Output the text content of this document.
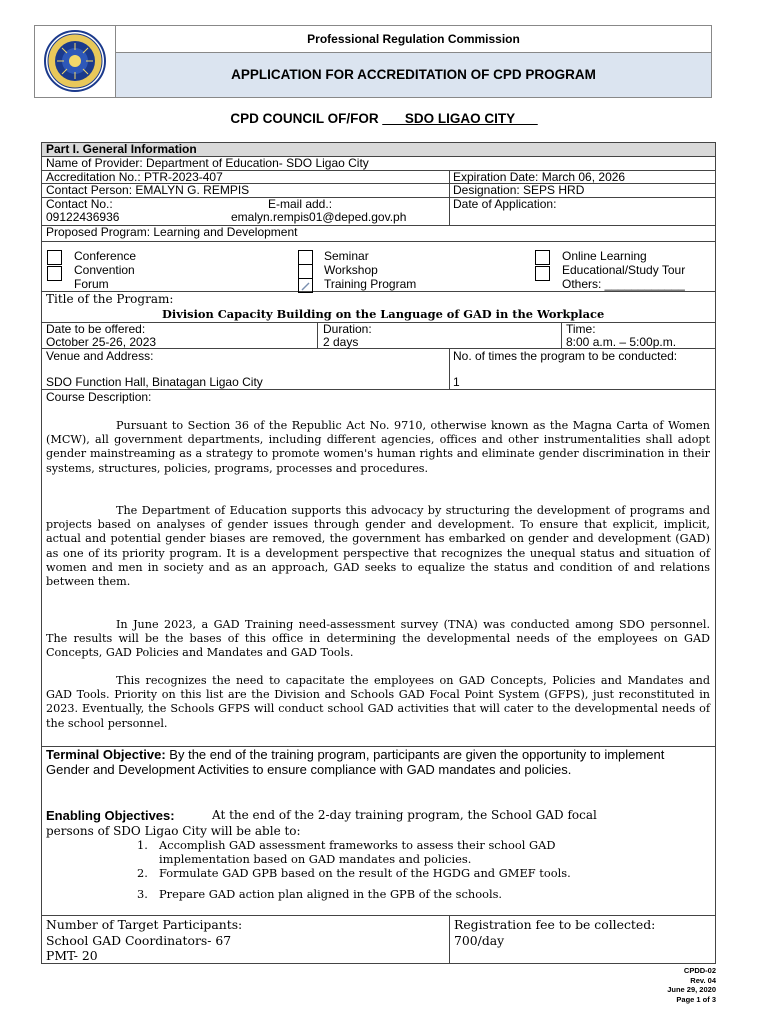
Professional Regulation Commission
APPLICATION FOR ACCREDITATION OF CPD PROGRAM
CPD COUNCIL OF/FOR ___SDO LIGAO CITY___
Part I. General Information
Name of Provider: Department of Education- SDO Ligao City
Accreditation No.: PTR-2023-407	Expiration Date: March 06, 2026
Contact Person: EMALYN G. REMPIS	Designation: SEPS HRD
Contact No.:	E-mail add.:	Date of Application:
09122436936	emalyn.rempis01@deped.gov.ph
Proposed Program: Learning and Development
Conference
Convention
Forum
Seminar
Workshop
Training Program
Online Learning
Educational/Study Tour
Others: ____________
Title of the Program:
Division Capacity Building on the Language of GAD in the Workplace
Date to be offered:
October 25-26, 2023
Duration:
2 days
Time:
8:00 a.m. – 5:00p.m.
Venue and Address:
SDO Function Hall, Binatagan Ligao City
No. of times the program to be conducted:
1
Course Description:

Pursuant to Section 36 of the Republic Act No. 9710, otherwise known as the Magna Carta of Women (MCW), all government departments, including different agencies, offices and other instrumentalities shall adopt gender mainstreaming as a strategy to promote women's human rights and eliminate gender discrimination in their systems, structures, policies, programs, processes and procedures.

The Department of Education supports this advocacy by structuring the development of programs and projects based on analyses of gender issues through gender and development. To ensure that explicit, implicit, actual and potential gender biases are removed, the government has embarked on gender and development (GAD) as one of its priority program. It is a development perspective that recognizes the unequal status and situation of women and men in society and as an approach, GAD seeks to equalize the status and condition of and relations between them.

In June 2023, a GAD Training need-assessment survey (TNA) was conducted among SDO personnel. The results will be the bases of this office in determining the developmental needs of the employees on GAD Concepts, GAD Policies and Mandates and GAD Tools.

This recognizes the need to capacitate the employees on GAD Concepts, Policies and Mandates and GAD Tools. Priority on this list are the Division and Schools GAD Focal Point System (GFPS), just reconstituted in 2023. Eventually, the Schools GFPS will conduct school GAD activities that will cater to the developmental needs of the school personnel.

Terminal Objective: By the end of the training program, participants are given the opportunity to implement Gender and Development Activities to ensure compliance with GAD mandates and policies.
Enabling Objectives:	At the end of the 2-day training program, the School GAD focal
persons of SDO Ligao City will be able to:
1. Accomplish GAD assessment frameworks to assess their school GAD
implementation based on GAD mandates and policies.
2. Formulate GAD GPB based on the result of the HGDG and GMEF tools.
3. Prepare GAD action plan aligned in the GPB of the schools.
Number of Target Participants:
School GAD Coordinators- 67
PMT- 20
Registration fee to be collected:
700/day
CPDD-02
Rev. 04
June 29, 2020
Page 1 of 3
